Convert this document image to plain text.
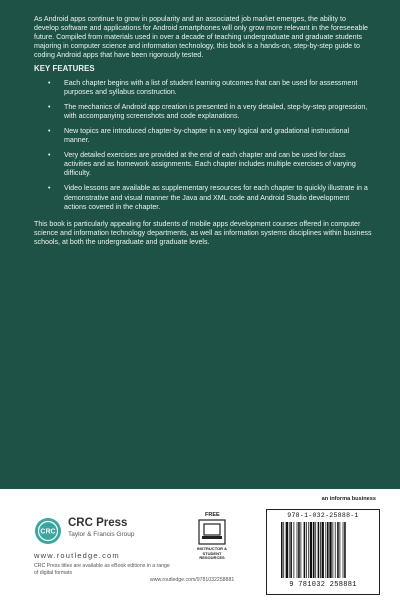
As Android apps continue to grow in popularity and an associated job market emerges, the ability to develop software and applications for Android smartphones will only grow more relevant in the foreseeable future. Compiled from materials used in over a decade of teaching undergraduate and graduate students majoring in computer science and information technology, this book is a hands-on, step-by-step guide to coding Android apps that have been rigorously tested.

KEY FEATURES
• Each chapter begins with a list of student learning outcomes that can be used for assessment purposes and syllabus construction.
• The mechanics of Android app creation is presented in a very detailed, step-by-step progression, with accompanying screenshots and code explanations.
• New topics are introduced chapter-by-chapter in a very logical and gradational instructional manner.
• Very detailed exercises are provided at the end of each chapter and can be used for class activities and as homework assignments. Each chapter includes multiple exercises of varying difficulty.
• Video lessons are available as supplementary resources for each chapter to quickly illustrate in a demonstrative and visual manner the Java and XML code and Android Studio development actions covered in the chapter.

This book is particularly appealing for students of mobile apps development courses offered in computer science and information technology departments, as well as information systems disciplines within business schools, at both the undergraduate and graduate levels.

an informa business
CRC
CRC Press
Taylor & Francis Group
www.routledge.com
CRC Press titles are available as eBook editions in a range of digital formats
FREE
INSTRUCTOR & STUDENT RESOURCES
www.routledge.com/9781032258881
978-1-032-25888-1
9 781032 258881
